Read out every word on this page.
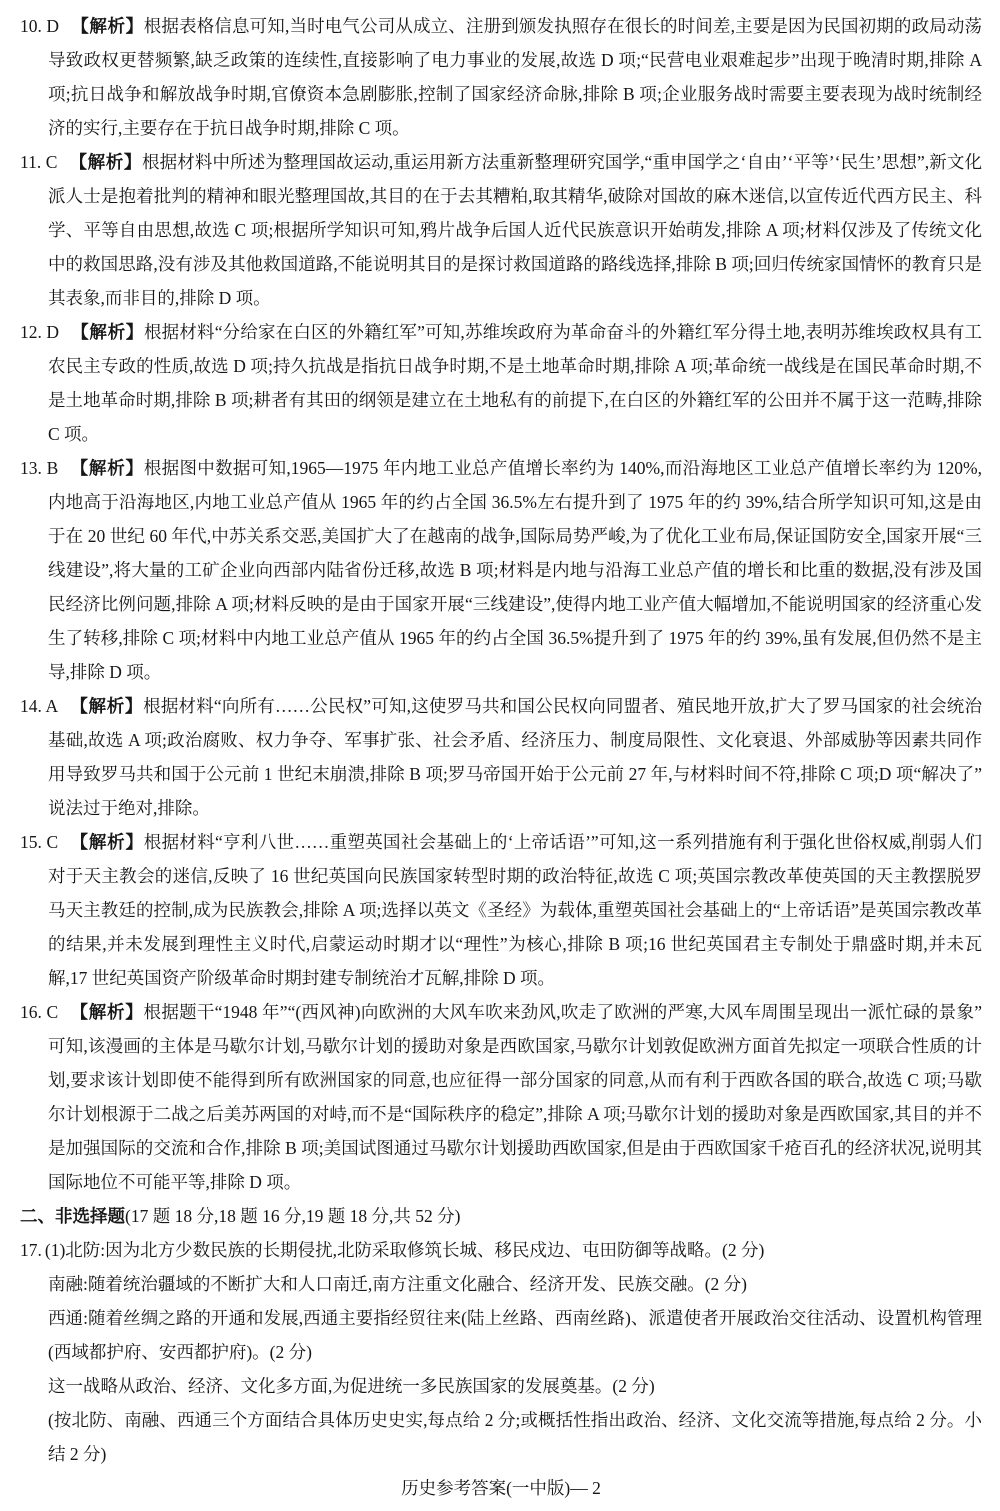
10. D 【解析】根据表格信息可知,当时电气公司从成立、注册到颁发执照存在很长的时间差,主要是因为民国初期的政局动荡导致政权更替频繁,缺乏政策的连续性,直接影响了电力事业的发展,故选 D 项;“民营电业艰难起步”出现于晚清时期,排除 A 项;抗日战争和解放战争时期,官僚资本急剧膨胀,控制了国家经济命脉,排除 B 项;企业服务战时需要主要表现为战时统制经济的实行,主要存在于抗日战争时期,排除 C 项。

11. C 【解析】根据材料中所述为整理国故运动,重运用新方法重新整理研究国学,“重申国学之‘自由’‘平等’‘民生’思想”,新文化派人士是抱着批判的精神和眼光整理国故,其目的在于去其糟粕,取其精华,破除对国故的麻木迷信,以宣传近代西方民主、科学、平等自由思想,故选 C 项;根据所学知识可知,鸦片战争后国人近代民族意识开始萌发,排除 A 项;材料仅涉及了传统文化中的救国思路,没有涉及其他救国道路,不能说明其目的是探讨救国道路的路线选择,排除 B 项;回归传统家国情怀的教育只是其表象,而非目的,排除 D 项。

12. D 【解析】根据材料“分给家在白区的外籍红军”可知,苏维埃政府为革命奋斗的外籍红军分得土地,表明苏维埃政权具有工农民主专政的性质,故选 D 项;持久抗战是指抗日战争时期,不是土地革命时期,排除 A 项;革命统一战线是在国民革命时期,不是土地革命时期,排除 B 项;耕者有其田的纲领是建立在土地私有的前提下,在白区的外籍红军的公田并不属于这一范畴,排除 C 项。

13. B 【解析】根据图中数据可知,1965—1975 年内地工业总产值增长率约为 140%,而沿海地区工业总产值增长率约为 120%,内地高于沿海地区,内地工业总产值从 1965 年的约占全国 36.5%左右提升到了 1975 年的约 39%,结合所学知识可知,这是由于在 20 世纪 60 年代,中苏关系交恶,美国扩大了在越南的战争,国际局势严峻,为了优化工业布局,保证国防安全,国家开展“三线建设”,将大量的工矿企业向西部内陆省份迁移,故选 B 项;材料是内地与沿海工业总产值的增长和比重的数据,没有涉及国民经济比例问题,排除 A 项;材料反映的是由于国家开展“三线建设”,使得内地工业产值大幅增加,不能说明国家的经济重心发生了转移,排除 C 项;材料中内地工业总产值从 1965 年的约占全国 36.5%提升到了 1975 年的约 39%,虽有发展,但仍然不是主导,排除 D 项。

14. A 【解析】根据材料“向所有……公民权”可知,这使罗马共和国公民权向同盟者、殖民地开放,扩大了罗马国家的社会统治基础,故选 A 项;政治腐败、权力争夺、军事扩张、社会矛盾、经济压力、制度局限性、文化衰退、外部威胁等因素共同作用导致罗马共和国于公元前 1 世纪末崩溃,排除 B 项;罗马帝国开始于公元前 27 年,与材料时间不符,排除 C 项;D 项“解决了”说法过于绝对,排除。

15. C 【解析】根据材料“亨利八世……重塑英国社会基础上的‘上帝话语’”可知,这一系列措施有利于强化世俗权威,削弱人们对于天主教会的迷信,反映了 16 世纪英国向民族国家转型时期的政治特征,故选 C 项;英国宗教改革使英国的天主教摆脱罗马天主教廷的控制,成为民族教会,排除 A 项;选择以英文《圣经》为载体,重塑英国社会基础上的“上帝话语”是英国宗教改革的结果,并未发展到理性主义时代,启蒙运动时期才以“理性”为核心,排除 B 项;16 世纪英国君主专制处于鼎盛时期,并未瓦解,17 世纪英国资产阶级革命时期封建专制统治才瓦解,排除 D 项。

16. C 【解析】根据题干“1948 年”“(西风神)向欧洲的大风车吹来劲风,吹走了欧洲的严寒,大风车周围呈现出一派忙碌的景象”可知,该漫画的主体是马歇尔计划,马歇尔计划的援助对象是西欧国家,马歇尔计划敦促欧洲方面首先拟定一项联合性质的计划,要求该计划即使不能得到所有欧洲国家的同意,也应征得一部分国家的同意,从而有利于西欧各国的联合,故选 C 项;马歇尔计划根源于二战之后美苏两国的对峙,而不是“国际秩序的稳定”,排除 A 项;马歇尔计划的援助对象是西欧国家,其目的并不是加强国际的交流和合作,排除 B 项;美国试图通过马歇尔计划援助西欧国家,但是由于西欧国家千疮百孔的经济状况,说明其国际地位不可能平等,排除 D 项。

二、非选择题(17 题 18 分,18 题 16 分,19 题 18 分,共 52 分)

17. (1)北防:因为北方少数民族的长期侵扰,北防采取修筑长城、移民戍边、屯田防御等战略。(2 分)

南融:随着统治疆域的不断扩大和人口南迁,南方注重文化融合、经济开发、民族交融。(2 分)

西通:随着丝绸之路的开通和发展,西通主要指经贸往来(陆上丝路、西南丝路)、派遣使者开展政治交往活动、设置机构管理(西域都护府、安西都护府)。(2 分)

这一战略从政治、经济、文化多方面,为促进统一多民族国家的发展奠基。(2 分)

(按北防、南融、西通三个方面结合具体历史史实,每点给 2 分;或概括性指出政治、经济、文化交流等措施,每点给 2 分。小结 2 分)

历史参考答案(一中版)— 2
